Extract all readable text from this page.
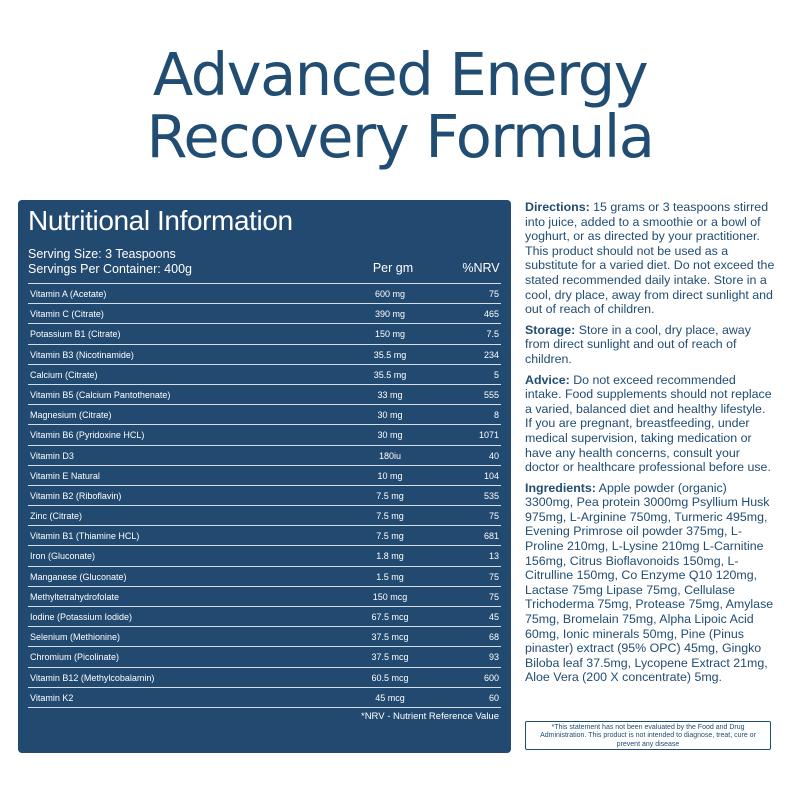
Advanced Energy
Recovery Formula
Nutritional Information
Serving Size: 3 Teaspoons
Servings Per Container: 400g	Per gm	%NRV
Vitamin A (Acetate)	600 mg	75
Vitamin C (Citrate)	390 mg	465
Potassium B1 (Citrate)	150 mg	7.5
Vitamin B3 (Nicotinamide)	35.5 mg	234
Calcium (Citrate)	35.5 mg	5
Vitamin B5 (Calcium Pantothenate)	33 mg	555
Magnesium (Citrate)	30 mg	8
Vitamin B6 (Pyridoxine HCL)	30 mg	1071
Vitamin D3	180iu	40
Vitamin E Natural	10 mg	104
Vitamin B2 (Riboflavin)	7.5 mg	535
Zinc (Citrate)	7.5 mg	75
Vitamin B1 (Thiamine HCL)	7.5 mg	681
Iron (Gluconate)	1.8 mg	13
Manganese (Gluconate)	1.5 mg	75
Methyltetrahydrofolate	150 mcg	75
Iodine (Potassium Iodide)	67.5 mcg	45
Selenium (Methionine)	37.5 mcg	68
Chromium (Picolinate)	37.5 mcg	93
Vitamin B12 (Methylcobalamin)	60.5 mcg	600
Vitamin K2	45 mcg	60
*NRV - Nutrient Reference Value

Directions: 15 grams or 3 teaspoons stirred into juice, added to a smoothie or a bowl of yoghurt, or as directed by your practitioner. This product should not be used as a substitute for a varied diet. Do not exceed the stated recommended daily intake. Store in a cool, dry place, away from direct sunlight and out of reach of children.

Storage: Store in a cool, dry place, away from direct sunlight and out of reach of children.

Advice: Do not exceed recommended intake. Food supplements should not replace a varied, balanced diet and healthy lifestyle. If you are pregnant, breastfeeding, under medical supervision, taking medication or have any health concerns, consult your doctor or healthcare professional before use.

Ingredients: Apple powder (organic) 3300mg, Pea protein 3000mg Psyllium Husk 975mg, L-Arginine 750mg, Turmeric 495mg, Evening Primrose oil powder 375mg, L-Proline 210mg, L-Lysine 210mg L-Carnitine 156mg, Citrus Bioflavonoids 150mg, L-Citrulline 150mg, Co Enzyme Q10 120mg, Lactase 75mg Lipase 75mg, Cellulase Trichoderma 75mg, Protease 75mg, Amylase 75mg, Bromelain 75mg, Alpha Lipoic Acid 60mg, Ionic minerals 50mg, Pine (Pinus pinaster) extract (95% OPC) 45mg, Gingko Biloba leaf 37.5mg, Lycopene Extract 21mg, Aloe Vera (200 X concentrate) 5mg.

*This statement has not been evaluated by the Food and Drug Administration. This product is not intended to diagnose, treat, cure or prevent any disease
